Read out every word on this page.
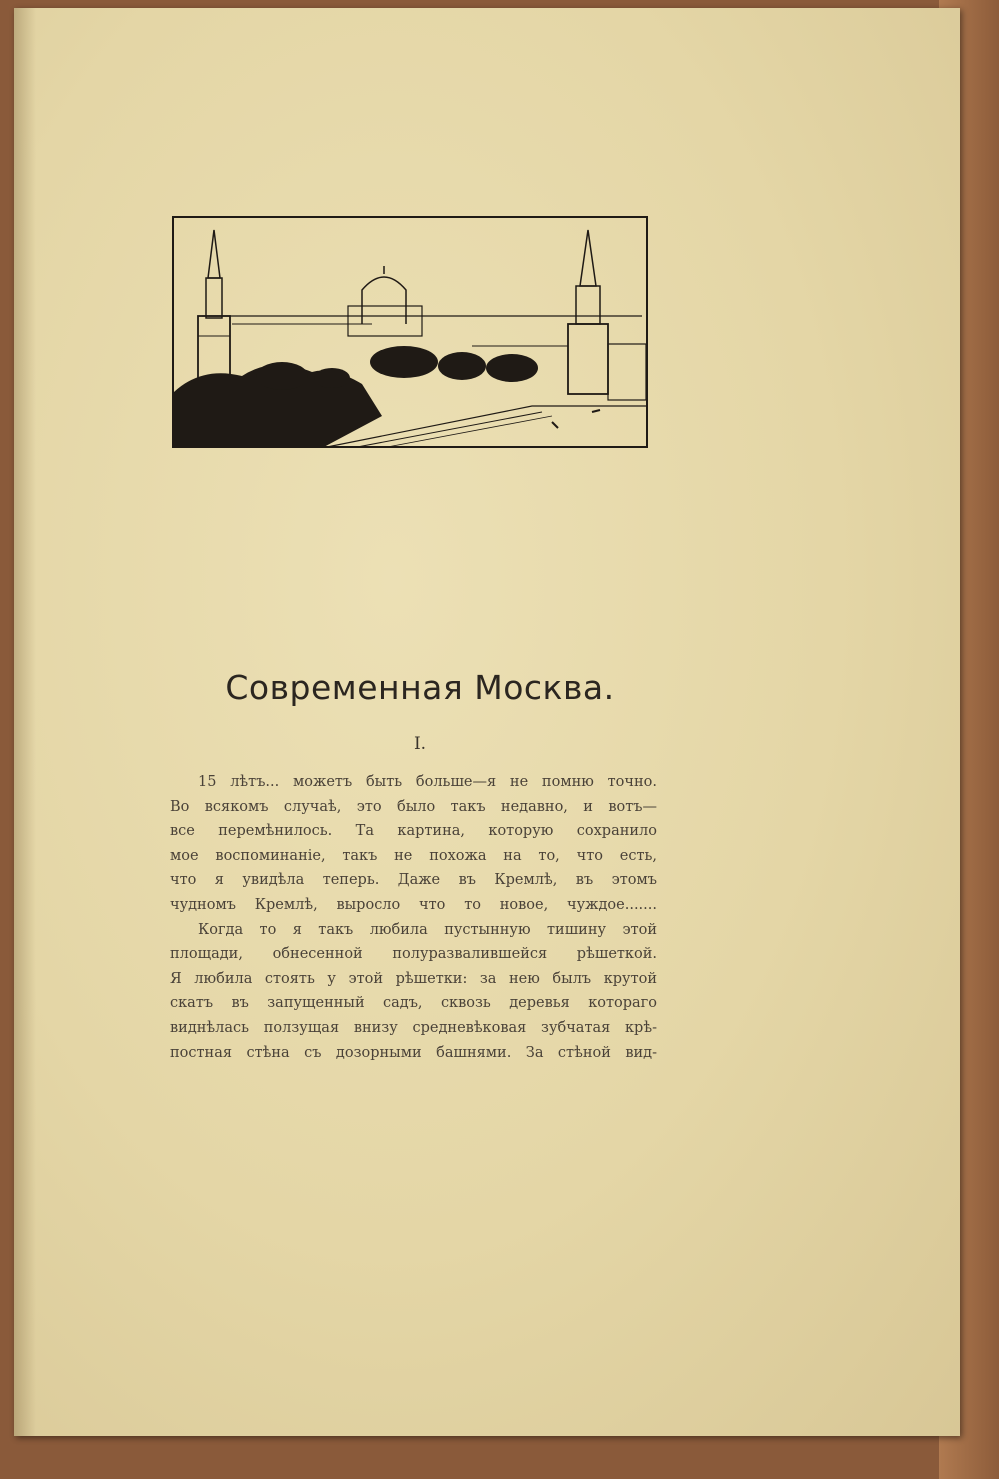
Современная Москва.
I.
15 лѣтъ... можетъ быть больше—я не помню точно.
Во всякомъ случаѣ, это было такъ недавно, и вотъ—
все перемѣнилось. Та картина, которую сохранило
мое воспоминаніе, такъ не похожа на то, что есть,
что я увидѣла теперь. Даже въ Кремлѣ, въ этомъ
чудномъ Кремлѣ, выросло что то новое, чуждое.......
Когда то я такъ любила пустынную тишину этой
площади, обнесенной полуразвалившейся рѣшеткой.
Я любила стоять у этой рѣшетки: за нею былъ крутой
скатъ въ запущенный садъ, сквозь деревья котораго
виднѣлась ползущая внизу средневѣковая зубчатая крѣ-
постная стѣна съ дозорными башнями. За стѣной вид-
